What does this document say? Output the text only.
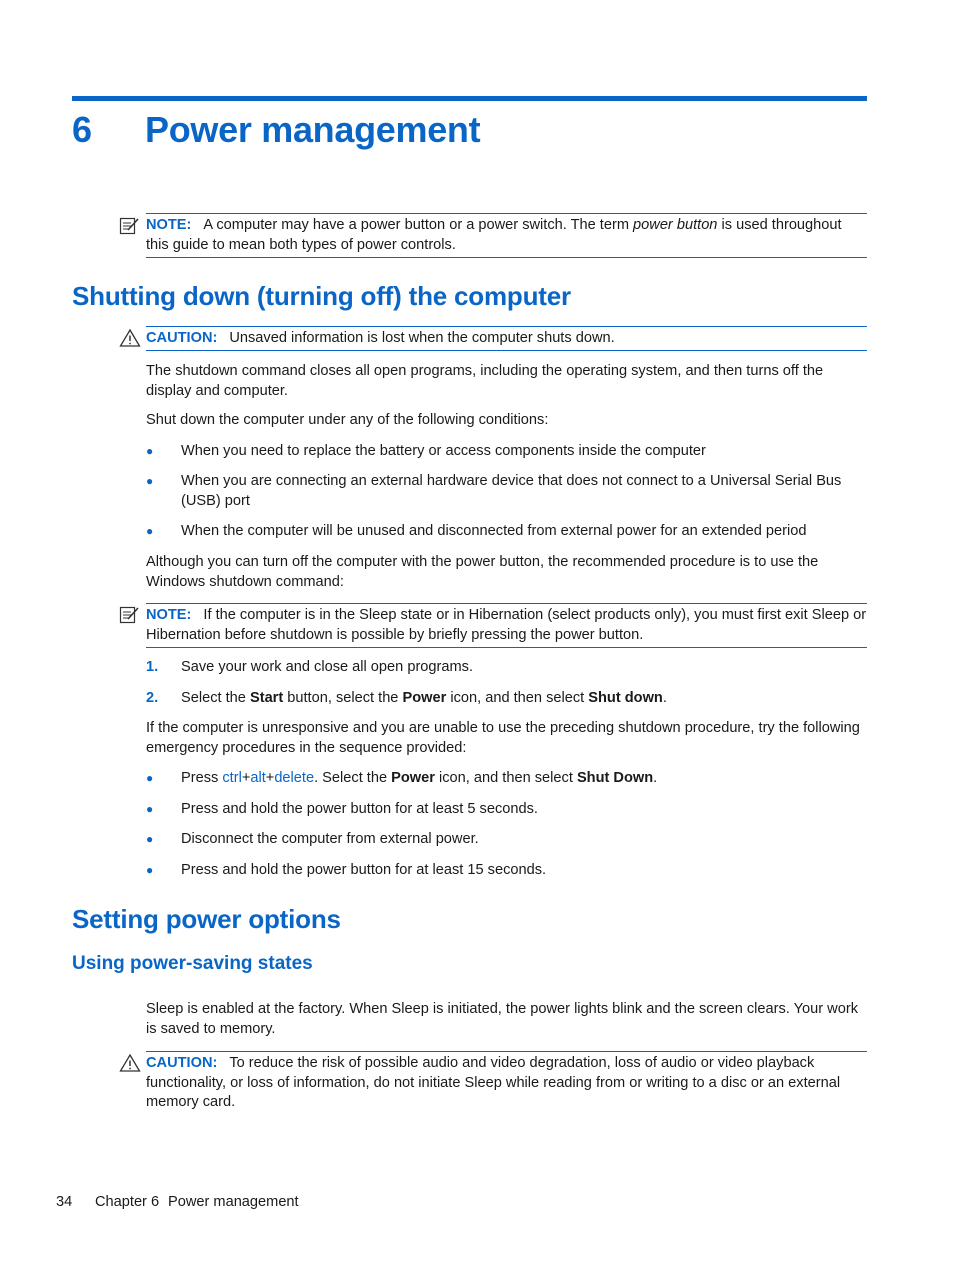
6 Power management
NOTE: A computer may have a power button or a power switch. The term power button is used throughout this guide to mean both types of power controls.
Shutting down (turning off) the computer
CAUTION: Unsaved information is lost when the computer shuts down.
The shutdown command closes all open programs, including the operating system, and then turns off the display and computer.
Shut down the computer under any of the following conditions:
● When you need to replace the battery or access components inside the computer
● When you are connecting an external hardware device that does not connect to a Universal Serial Bus (USB) port
● When the computer will be unused and disconnected from external power for an extended period
Although you can turn off the computer with the power button, the recommended procedure is to use the Windows shutdown command:
NOTE: If the computer is in the Sleep state or in Hibernation (select products only), you must first exit Sleep or Hibernation before shutdown is possible by briefly pressing the power button.
1. Save your work and close all open programs.
2. Select the Start button, select the Power icon, and then select Shut down.
If the computer is unresponsive and you are unable to use the preceding shutdown procedure, try the following emergency procedures in the sequence provided:
● Press ctrl+alt+delete. Select the Power icon, and then select Shut Down.
● Press and hold the power button for at least 5 seconds.
● Disconnect the computer from external power.
● Press and hold the power button for at least 15 seconds.
Setting power options
Using power-saving states
Sleep is enabled at the factory. When Sleep is initiated, the power lights blink and the screen clears. Your work is saved to memory.
CAUTION: To reduce the risk of possible audio and video degradation, loss of audio or video playback functionality, or loss of information, do not initiate Sleep while reading from or writing to a disc or an external memory card.
34 Chapter 6 Power management
